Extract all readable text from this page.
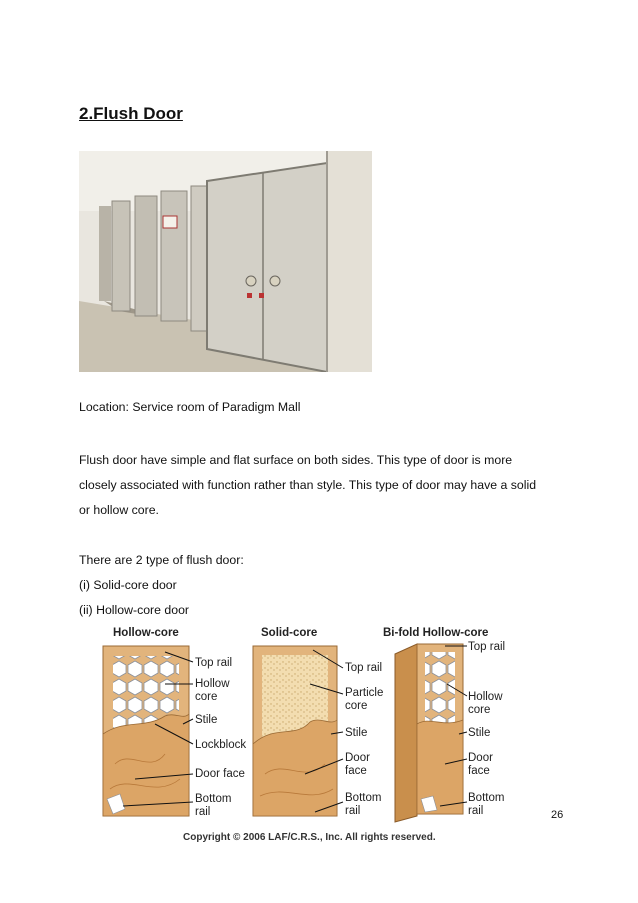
2.Flush Door
Location: Service room of Paradigm Mall
Flush door have simple and flat surface on both sides. This type of door is more
closely associated with function rather than style. This type of door may have a solid
or hollow core.
There are 2 type of flush door:
(i) Solid-core door
(ii) Hollow-core door
Hollow-core	Solid-core	Bi-fold Hollow-core
Top rail
Hollow
core
Stile
Lockblock
Door face
Bottom
rail
Top rail
Particle
core
Stile
Door
face
Bottom
rail
Top rail
Hollow
core
Stile
Door
face
Bottom
rail	26
Copyright © 2006 LAF/C.R.S., Inc. All rights reserved.
